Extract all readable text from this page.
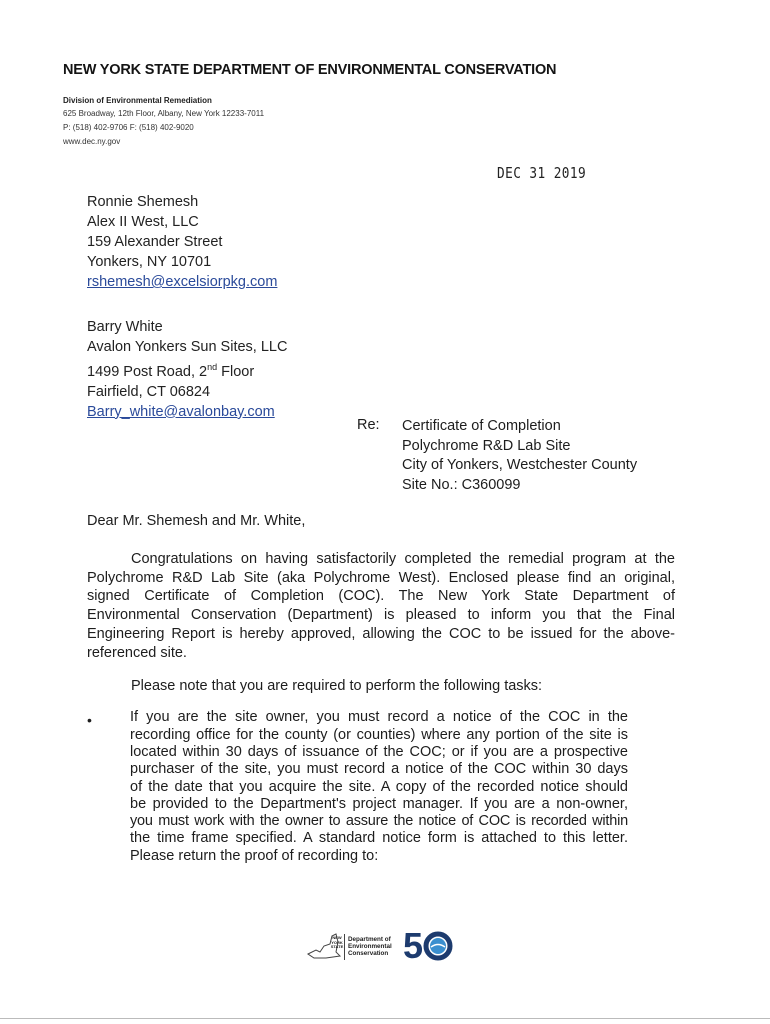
NEW YORK STATE DEPARTMENT OF ENVIRONMENTAL CONSERVATION
Division of Environmental Remediation
625 Broadway, 12th Floor, Albany, New York 12233-7011
P: (518) 402-9706 F: (518) 402-9020
www.dec.ny.gov
DEC 31 2019
Ronnie Shemesh
Alex II West, LLC
159 Alexander Street
Yonkers, NY 10701
rshemesh@excelsiorpkg.com
Barry White
Avalon Yonkers Sun Sites, LLC
1499 Post Road, 2nd Floor
Fairfield, CT 06824
Barry_white@avalonbay.com
Re: Certificate of Completion
Polychrome R&D Lab Site
City of Yonkers, Westchester County
Site No.: C360099
Dear Mr. Shemesh and Mr. White,
Congratulations on having satisfactorily completed the remedial program at the
Polychrome R&D Lab Site (aka Polychrome West). Enclosed please find an original,
signed Certificate of Completion (COC). The New York State Department of
Environmental Conservation (Department) is pleased to inform you that the Final
Engineering Report is hereby approved, allowing the COC to be issued for the above-
referenced site.
Please note that you are required to perform the following tasks:
•	If you are the site owner, you must record a notice of the COC in the
recording office for the county (or counties) where any portion of the site is
located within 30 days of issuance of the COC; or if you are a prospective
purchaser of the site, you must record a notice of the COC within 30 days
of the date that you acquire the site. A copy of the recorded notice should
be provided to the Department's project manager. If you are a non-owner,
you must work with the owner to assure the notice of COC is recorded within
the time frame specified. A standard notice form is attached to this letter.
Please return the proof of recording to:
NEW YORK STATE
Department of
Environmental
Conservation 5
